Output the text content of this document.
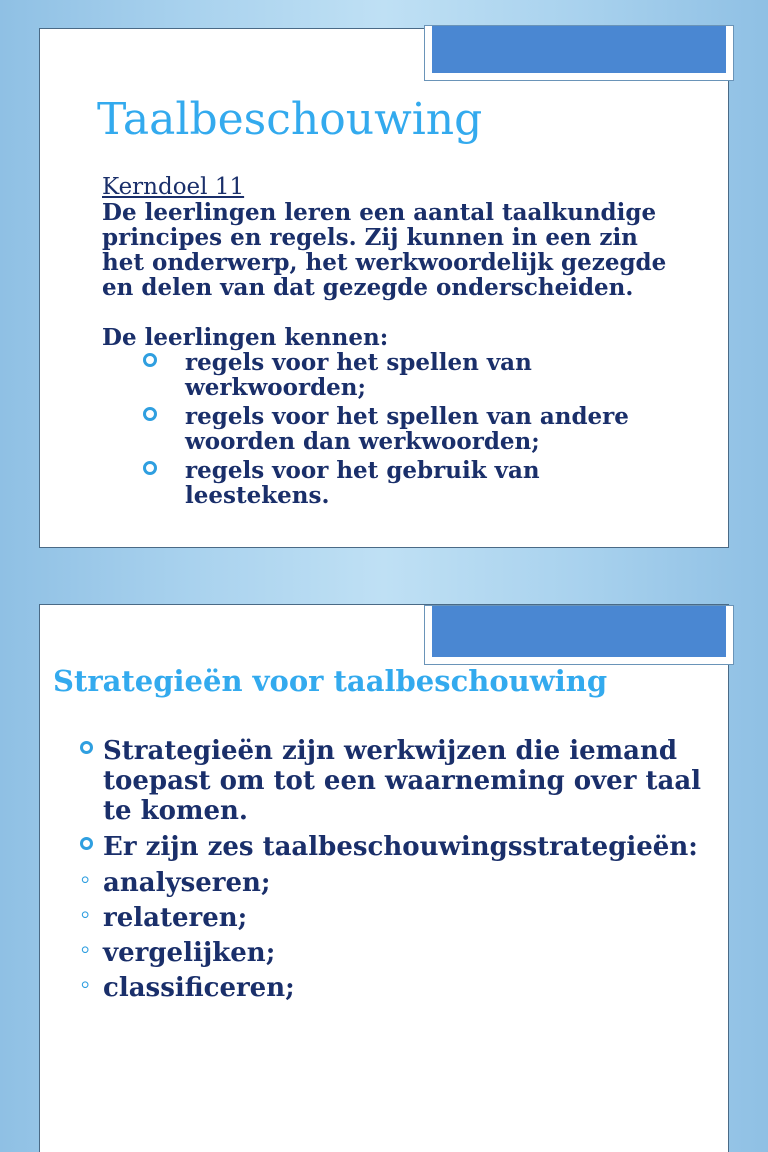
Taalbeschouwing

Kerndoel 11

De leerlingen leren een aantal taalkundige principes en regels. Zij kunnen in een zin het onderwerp, het werkwoordelijk gezegde en delen van dat gezegde onderscheiden.

De leerlingen kennen:

regels voor het spellen van werkwoorden;
regels voor het spellen van andere woorden dan werkwoorden;
regels voor het gebruik van leestekens.
Strategieën voor taalbeschouwing
Strategieën zijn werkwijzen die iemand toepast om tot een waarneming over taal te komen.
Er zijn zes taalbeschouwingsstrategieën:
⸰ analyseren;
⸰ relateren;
⸰ vergelijken;
⸰ classificeren;
